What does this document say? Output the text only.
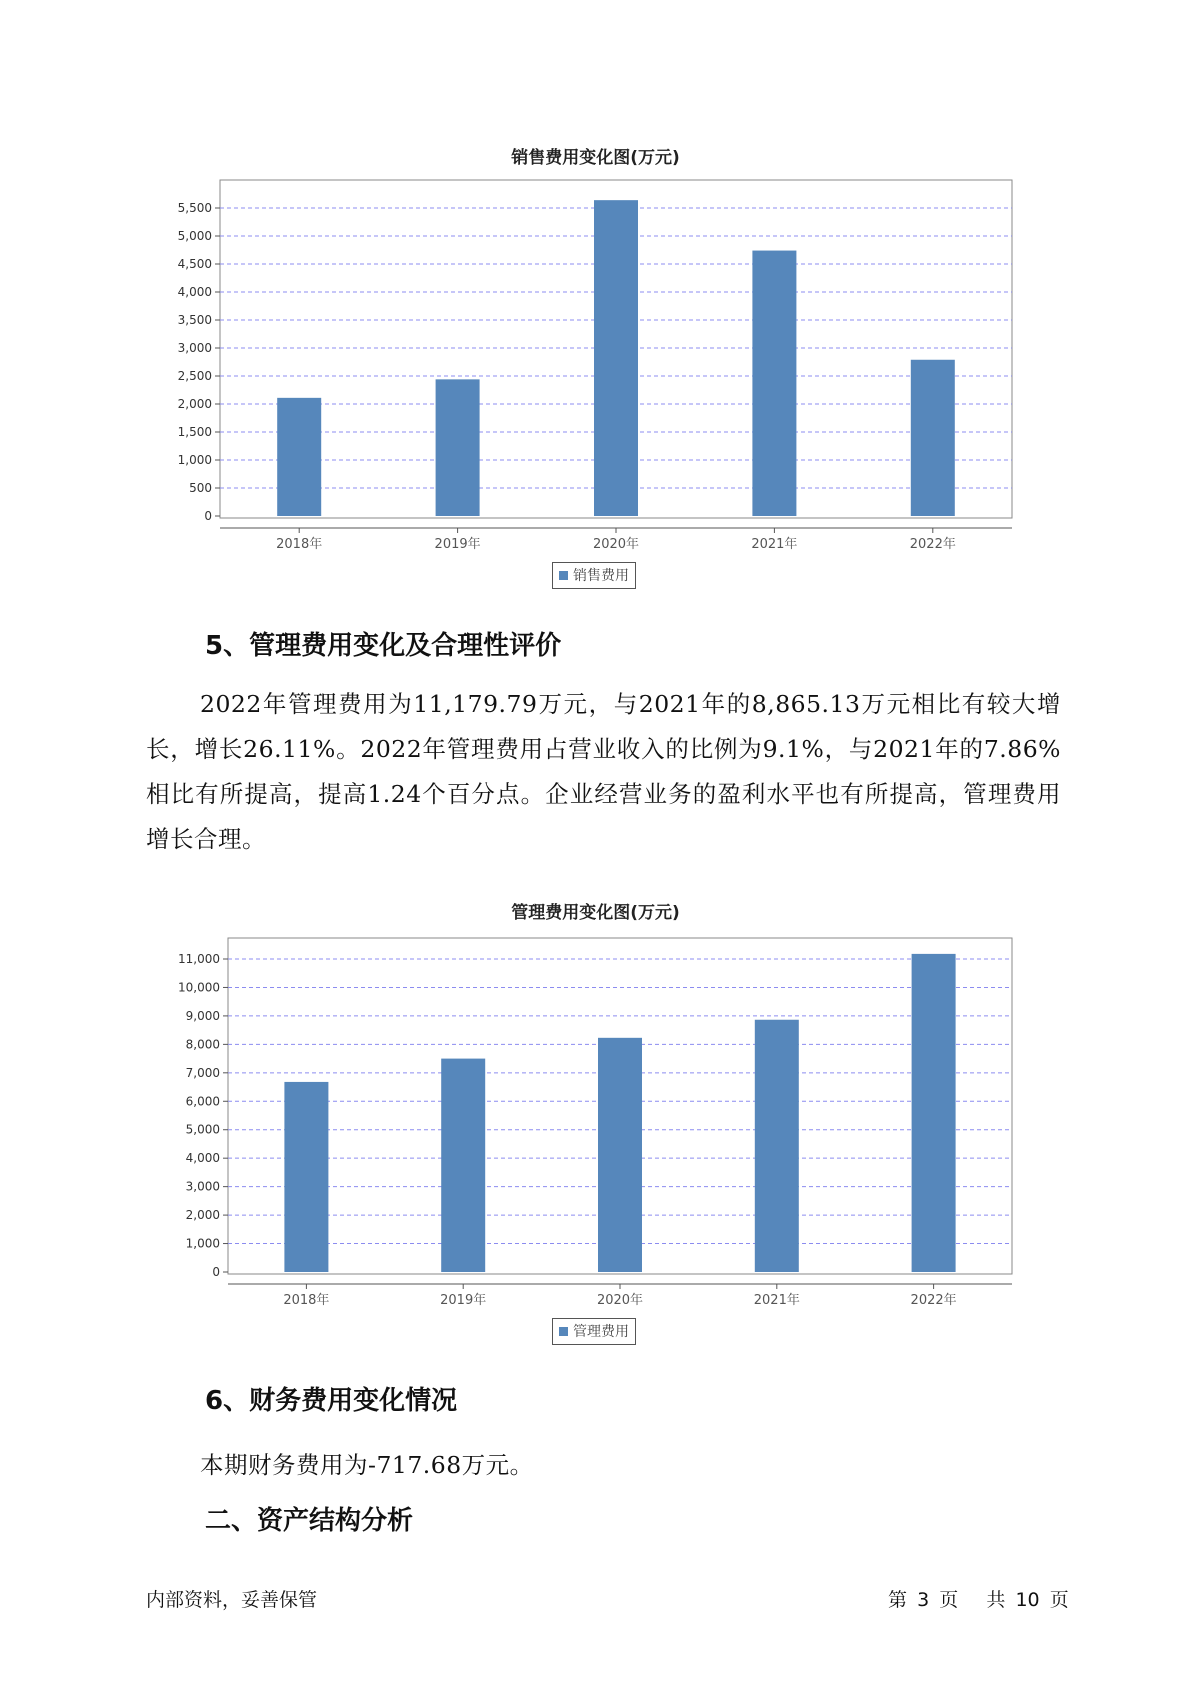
销售费用变化图(万元)
0
500
1,000
1,500
2,000
2,500
3,000
3,500
4,000
4,500
5,000
5,500
2018年	2019年	2020年	2021年	2022年
销售费用
5、管理费用变化及合理性评价

2022年管理费用为11,179.79万元，与2021年的8,865.13万元相比有较大增长，增长26.11%。2022年管理费用占营业收入的比例为9.1%，与2021年的7.86%相比有所提高，提高1.24个百分点。企业经营业务的盈利水平也有所提高，管理费用增长合理。

管理费用变化图(万元)
0
1,000
2,000
3,000
4,000
5,000
6,000
7,000
8,000
9,000
10,000
11,000
2018年	2019年	2020年	2021年	2022年
管理费用
6、财务费用变化情况
本期财务费用为-717.68万元。
二、资产结构分析
内部资料，妥善保管	第 3 页 共 10 页
